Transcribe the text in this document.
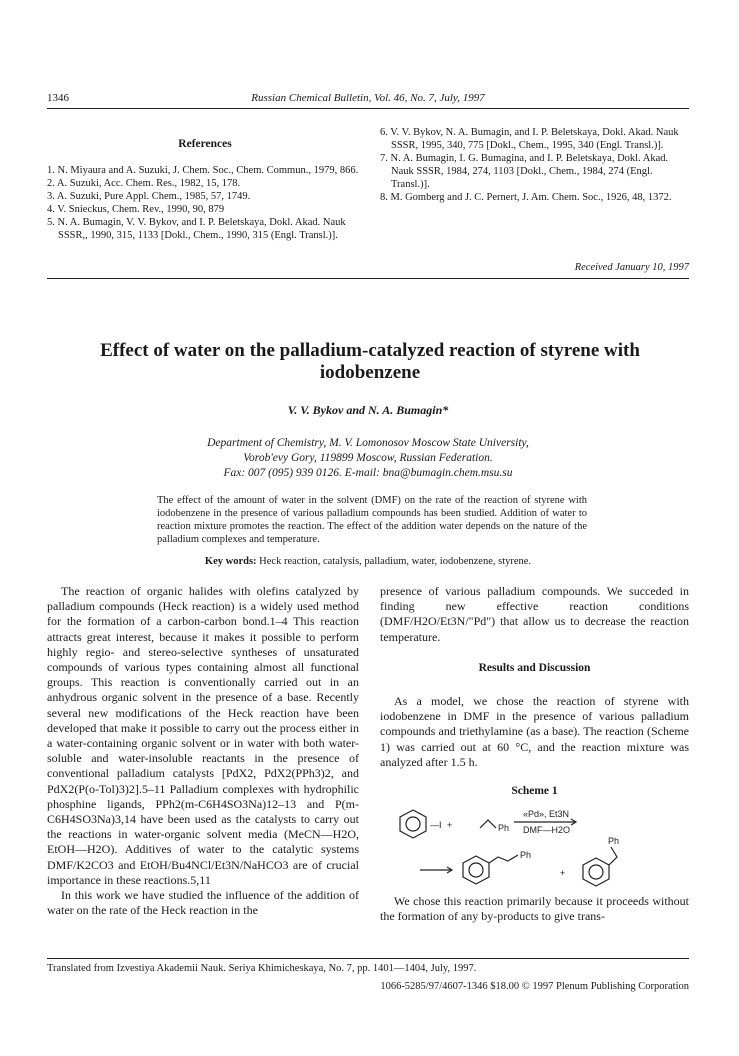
1346	Russian Chemical Bulletin, Vol. 46, No. 7, July, 1997
References

1. N. Miyaura and A. Suzuki, J. Chem. Soc., Chem. Commun., 1979, 866.

2. A. Suzuki, Acc. Chem. Res., 1982, 15, 178.

3. A. Suzuki, Pure Appl. Chem., 1985, 57, 1749.

4. V. Snieckus, Chem. Rev., 1990, 90, 879

5. N. A. Bumagin, V. V. Bykov, and I. P. Beletskaya, Dokl. Akad. Nauk SSSR,, 1990, 315, 1133 [Dokl., Chem., 1990, 315 (Engl. Transl.)].

6. V. V. Bykov, N. A. Bumagin, and I. P. Beletskaya, Dokl. Akad. Nauk SSSR, 1995, 340, 775 [Dokl., Chem., 1995, 340 (Engl. Transl.)].

7. N. A. Bumagin, I. G. Bumagina, and I. P. Beletskaya, Dokl. Akad. Nauk SSSR, 1984, 274, 1103 [Dokl., Chem., 1984, 274 (Engl. Transl.)].

8. M. Gomberg and J. C. Pernert, J. Am. Chem. Soc., 1926, 48, 1372.

Received January 10, 1997
Effect of water on the palladium-catalyzed reaction of styrene with iodobenzene
V. V. Bykov and N. A. Bumagin*
Department of Chemistry, M. V. Lomonosov Moscow State University,
Vorob'evy Gory, 119899 Moscow, Russian Federation.
Fax: 007 (095) 939 0126. E-mail: bna@bumagin.chem.msu.su
The effect of the amount of water in the solvent (DMF) on the rate of the reaction of styrene with iodobenzene in the presence of various palladium compounds has been studied. Addition of water to reaction mixture promotes the reaction. The effect of the addition water depends on the nature of the palladium complexes and temperature.
Key words: Heck reaction, catalysis, palladium, water, iodobenzene, styrene.

The reaction of organic halides with olefins catalyzed by palladium compounds (Heck reaction) is a widely used method for the formation of a carbon-carbon bond.1–4 This reaction attracts great interest, because it makes it possible to perform highly regio- and stereo-selective syntheses of unsaturated compounds of various types containing almost all functional groups. This reaction is conventionally carried out in an anhydrous organic solvent in the presence of a base. Recently several new modifications of the Heck reaction have been developed that make it possible to carry out the process either in a water-containing organic solvent or in water with both water-soluble and water-insoluble reactants in the presence of conventional palladium catalysts [PdX2, PdX2(PPh3)2, and PdX2(P(o-Tol)3)2].5–11 Palladium complexes with hydrophilic phosphine ligands, PPh2(m-C6H4SO3Na)12–13 and P(m-C6H4SO3Na)3,14 have been used as the catalysts to carry out the reactions in water-organic solvent media (MeCN—H2O, EtOH—H2O). Additives of water to the catalytic systems DMF/K2CO3 and EtOH/Bu4NCl/Et3N/NaHCO3 are of crucial importance in these reactions.5,11

In this work we have studied the influence of the addition of water on the rate of the Heck reaction in the

presence of various palladium compounds. We succeded in finding new effective reaction conditions (DMF/H2O/Et3N/"Pd") that allow us to decrease the reaction temperature.

Results and Discussion

As a model, we chose the reaction of styrene with iodobenzene in DMF in the presence of various palladium compounds and triethylamine (as a base). The reaction (Scheme 1) was carried out at 60 °C, and the reaction mixture was analyzed after 1.5 h.

Scheme 1
—I +	Ph
«Pd», Et3N
DMF—H2O
Ph
+
Ph

We chose this reaction primarily because it proceeds without the formation of any by-products to give trans-

Translated from Izvestiya Akademii Nauk. Seriya Khimicheskaya, No. 7, pp. 1401—1404, July, 1997.
1066-5285/97/4607-1346 $18.00 © 1997 Plenum Publishing Corporation
